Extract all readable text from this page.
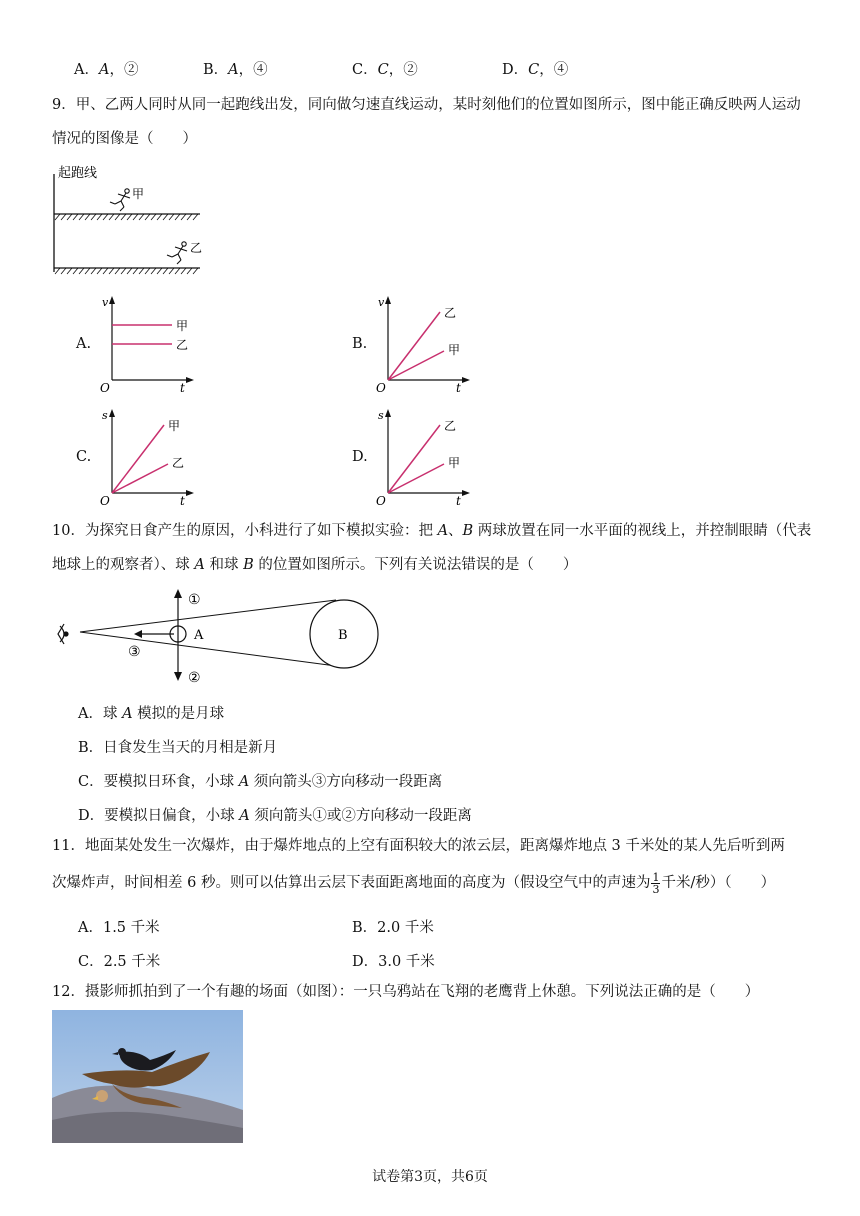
A．A，②	B．A，④	C．C，②	D．C，④
9．甲、乙两人同时从同一起跑线出发，同向做匀速直线运动，某时刻他们的位置如图所示，图中能正确反映两人运动情况的图像是（　　）
起跑线
甲
乙
A.
v
O	t
甲
乙	B.
v
O	t
乙
甲
C.
s
O	t
甲
乙	D.
s
O	t
乙
甲
10．为探究日食产生的原因，小科进行了如下模拟实验：把 A、B 两球放置在同一水平面的视线上，并控制眼睛（代表地球上的观察者）、球 A 和球 B 的位置如图所示。下列有关说法错误的是（　　）
B
A
①
②
③
A．球 A 模拟的是月球
B．日食发生当天的月相是新月
C．要模拟日环食，小球 A 须向箭头③方向移动一段距离
D．要模拟日偏食，小球 A 须向箭头①或②方向移动一段距离
11．地面某处发生一次爆炸，由于爆炸地点的上空有面积较大的浓云层，距离爆炸地点 3 千米处的某人先后听到两
次爆炸声，时间相差 6 秒。则可以估算出云层下表面距离地面的高度为（假设空气中的声速为 $\frac{1}{3}$ 千米/秒）（　　）
A．1.5 千米	B．2.0 千米
C．2.5 千米	D．3.0 千米
12．摄影师抓拍到了一个有趣的场面（如图）：一只乌鸦站在飞翔的老鹰背上休憩。下列说法正确的是（　　）
试卷第3页，共6页
